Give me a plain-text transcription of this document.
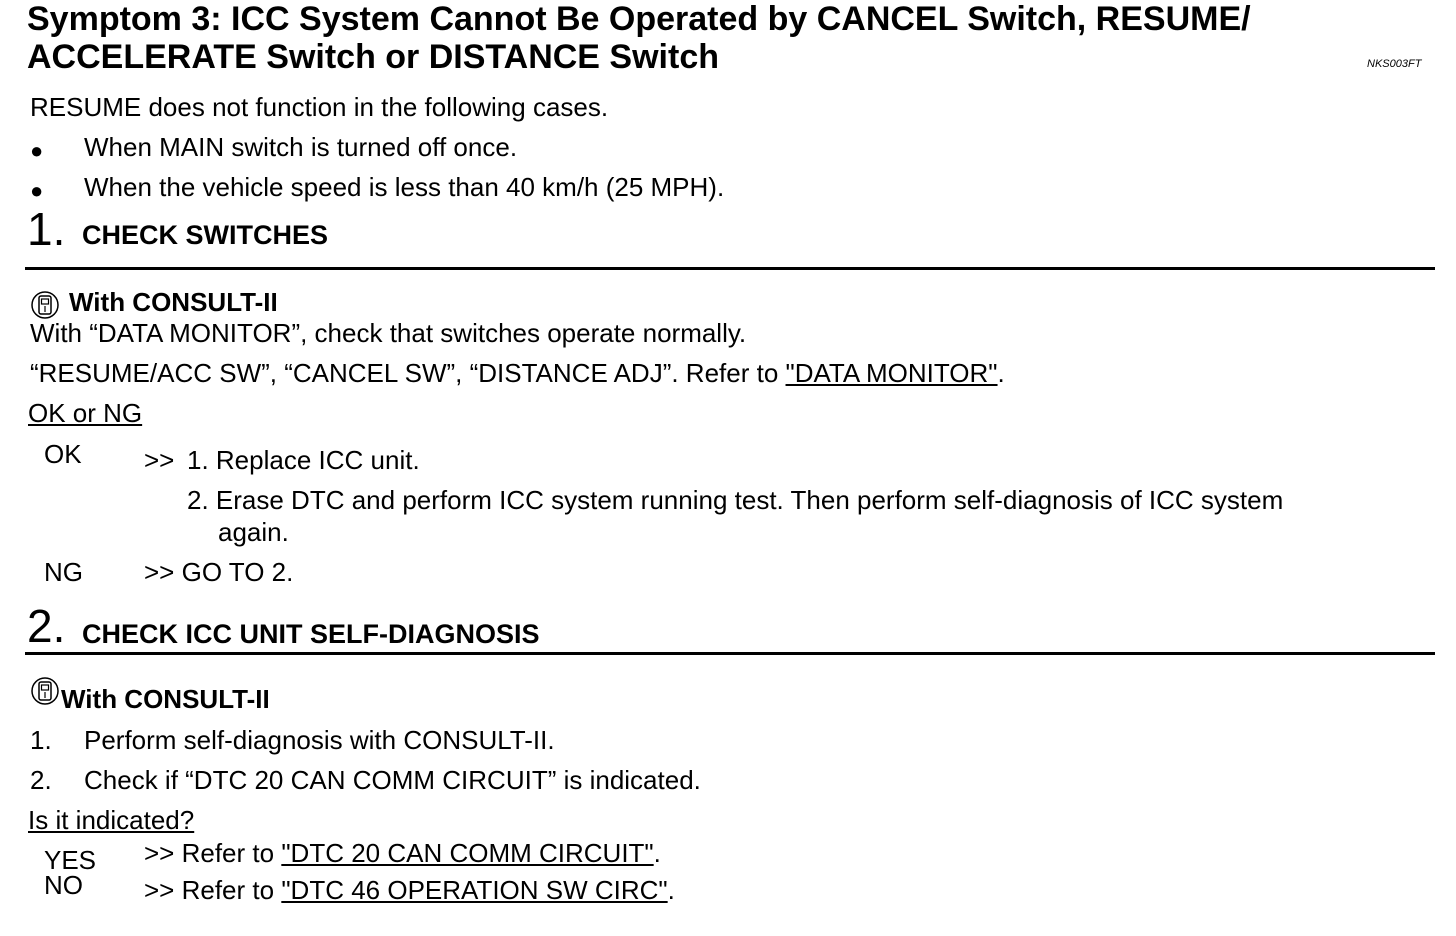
Symptom 3: ICC System Cannot Be Operated by CANCEL Switch, RESUME/
ACCELERATE Switch or DISTANCE Switch	NKS003FT
RESUME does not function in the following cases.
● When MAIN switch is turned off once.
● When the vehicle speed is less than 40 km/h (25 MPH).
1. CHECK SWITCHES
With CONSULT-II
With “DATA MONITOR”, check that switches operate normally.
“RESUME/ACC SW”, “CANCEL SW”, “DISTANCE ADJ”. Refer to "DATA MONITOR".
OK or NG
OK >> 1. Replace ICC unit.
2. Erase DTC and perform ICC system running test. Then perform self-diagnosis of ICC system
again.
NG >> GO TO 2.
2. CHECK ICC UNIT SELF-DIAGNOSIS
With CONSULT-II
1. Perform self-diagnosis with CONSULT-II.
2. Check if “DTC 20 CAN COMM CIRCUIT” is indicated.
Is it indicated?
YES >> Refer to "DTC 20 CAN COMM CIRCUIT".
NO >> Refer to "DTC 46 OPERATION SW CIRC".
